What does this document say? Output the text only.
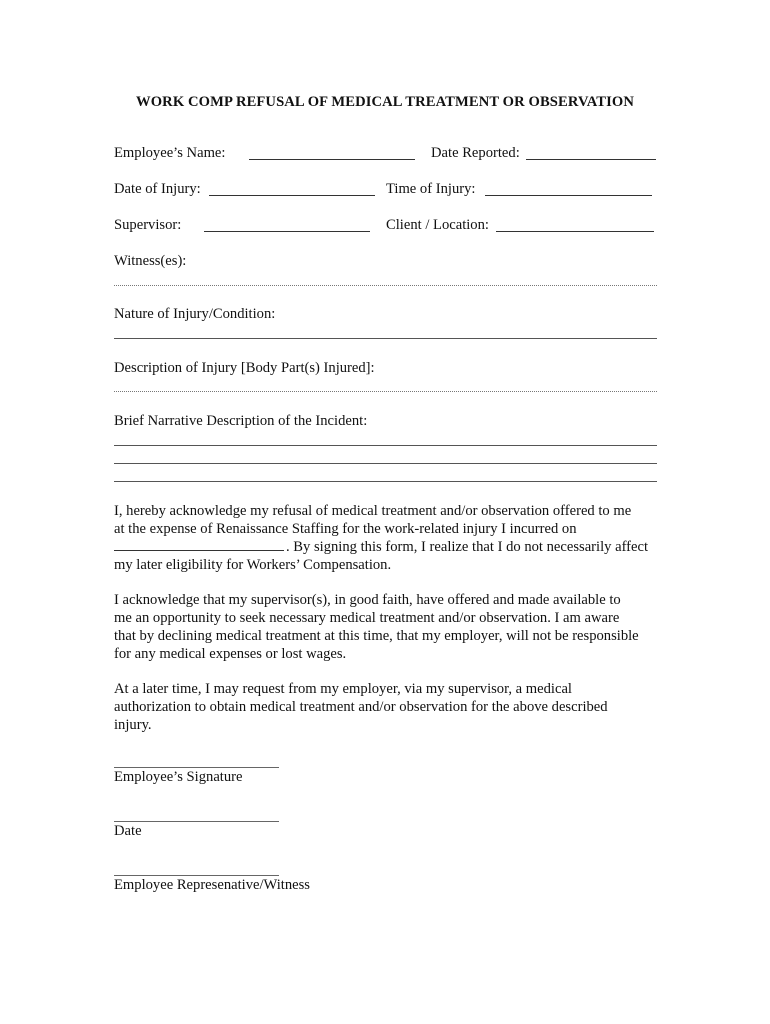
WORK COMP REFUSAL OF MEDICAL TREATMENT OR OBSERVATION
Employee’s Name:	Date Reported:
Date of Injury:	Time of Injury:
Supervisor:	Client / Location:
Witness(es):
Nature of Injury/Condition:
Description of Injury [Body Part(s) Injured]:
Brief Narrative Description of the Incident:
I, hereby acknowledge my refusal of medical treatment and/or observation offered to me
at the expense of Renaissance Staffing for the work-related injury I incurred on
. By signing this form, I realize that I do not necessarily affect
my later eligibility for Workers’ Compensation.
I acknowledge that my supervisor(s), in good faith, have offered and made available to
me an opportunity to seek necessary medical treatment and/or observation. I am aware
that by declining medical treatment at this time, that my employer, will not be responsible
for any medical expenses or lost wages.
At a later time, I may request from my employer, via my supervisor, a medical
authorization to obtain medical treatment and/or observation for the above described
injury.
Employee’s Signature
Date
Employee Represenative/Witness
